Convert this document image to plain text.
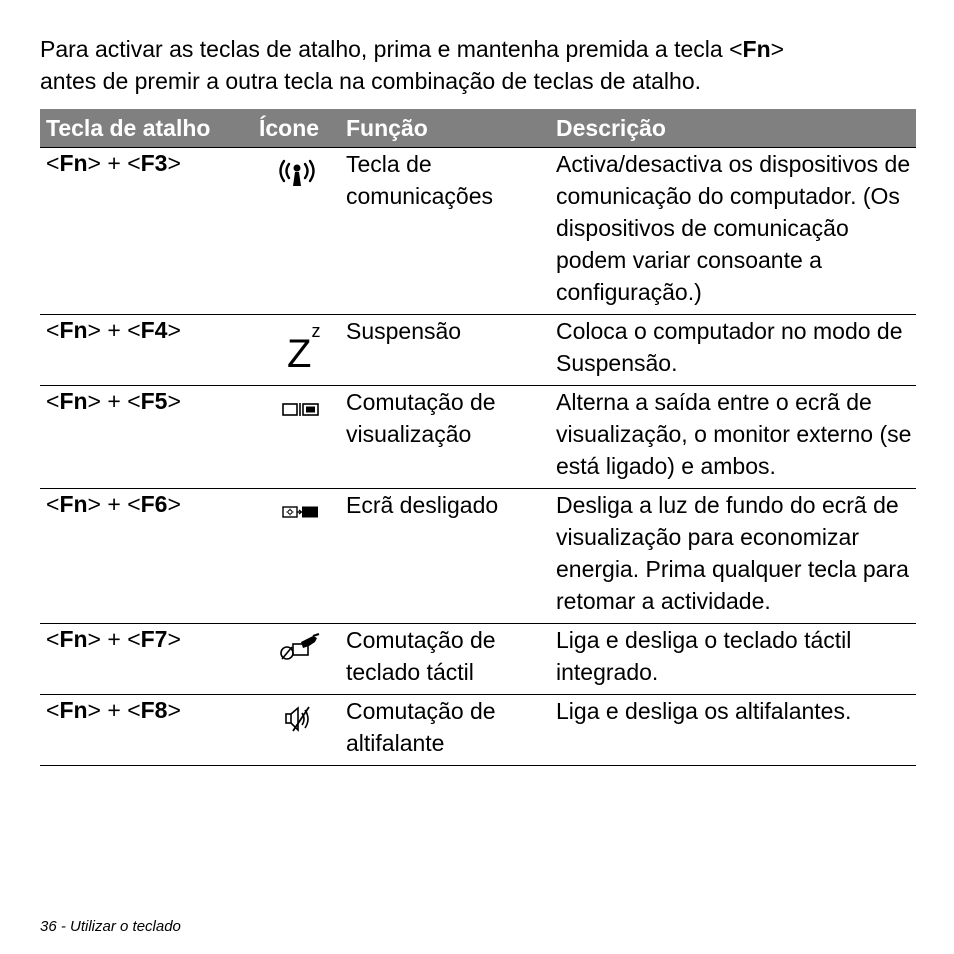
Para activar as teclas de atalho, prima e mantenha premida a tecla <Fn>
antes de premir a outra tecla na combinação de teclas de atalho.

Tecla de atalho	Ícone	Função	Descrição
<Fn> + <F3>		Tecla de comunicações	Activa/desactiva os dispositivos de comunicação do computador. (Os dispositivos de comunicação podem variar consoante a configuração.)
<Fn> + <F4>	$Z^z$	Suspensão	Coloca o computador no modo de Suspensão.
<Fn> + <F5>		Comutação de visualização	Alterna a saída entre o ecrã de visualização, o monitor externo (se está ligado) e ambos.
<Fn> + <F6>		Ecrã desligado	Desliga a luz de fundo do ecrã de visualização para economizar energia. Prima qualquer tecla para retomar a actividade.
<Fn> + <F7>		Comutação de teclado táctil	Liga e desliga o teclado táctil integrado.
<Fn> + <F8>		Comutação de altifalante	Liga e desliga os altifalantes.

36 - Utilizar o teclado
